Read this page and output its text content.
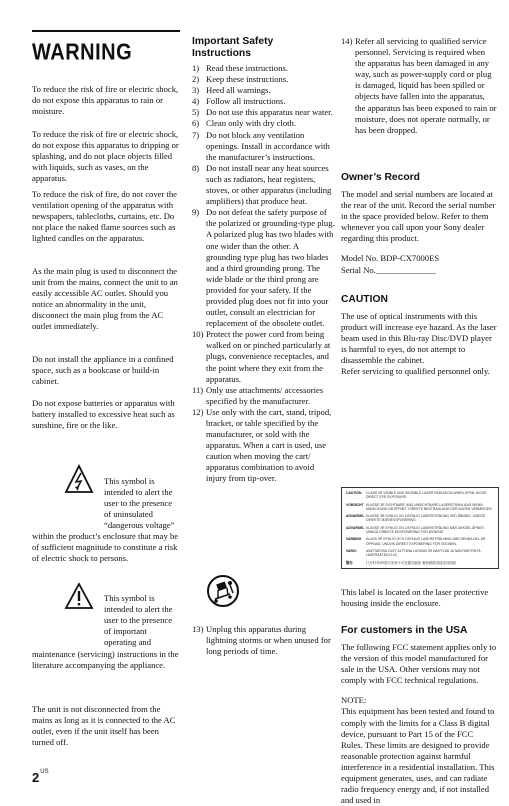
WARNING

To reduce the risk of fire or electric shock, do not expose this apparatus to rain or moisture.

To reduce the risk of fire or electric shock, do not expose this apparatus to dripping or splashing, and do not place objects filled with liquids, such as vases, on the apparatus.

To reduce the risk of fire, do not cover the ventilation opening of the apparatus with newspapers, tablecloths, curtains, etc. Do not place the naked flame sources such as lighted candles on the apparatus.

As the main plug is used to disconnect the unit from the mains, connect the unit to an easily accessible AC outlet. Should you notice an abnormality in the unit, disconnect the main plug from the AC outlet immediately.

Do not install the appliance in a confined space, such as a bookcase or build-in cabinet.

Do not expose batteries or apparatus with battery installed to excessive heat such as sunshine, fire or the like.

This symbol is intended to alert the user to the presence of uninsulated “dangerous voltage”

within the product’s enclosure that may be of sufficient magnitude to constitute a risk of electric shock to persons.

This symbol is intended to alert the user to the presence of important operating and

maintenance (servicing) instructions in the literature accompanying the appliance.

The unit is not disconnected from the mains as long as it is connected to the AC outlet, even if the unit itself has been turned off.

$2^{US}$
Important Safety
Instructions
1) Read these instructions.
2) Keep these instructions.
3) Heed all warnings.
4) Follow all instructions.
5) Do not use this apparatus near water.
6) Clean only with dry cloth.
7) Do not block any ventilation openings. Install in accordance with the manufacturer’s instructions.
8) Do not install near any heat sources such as radiators, heat registers, stoves, or other apparatus (including amplifiers) that produce heat.
9) Do not defeat the safety purpose of the polarized or grounding-type plug. A polarized plug has two blades with one wider than the other. A grounding type plug has two blades and a third grounding prong. The wide blade or the third prong are provided for your safety. If the provided plug does not fit into your outlet, consult an electrician for replacement of the obsolete outlet.
10) Protect the power cord from being walked on or pinched particularly at plugs, convenience receptacles, and the point where they exit from the apparatus.
11) Only use attachments/ accessories specified by the manufacturer.
12) Use only with the cart, stand, tripod, bracket, or table specified by the manufacturer, or sold with the apparatus. When a cart is used, use caution when moving the cart/ apparatus combination to avoid injury from tip-over.
13) Unplug this apparatus during lightning storms or when unused for long periods of time.
14) Refer all servicing to qualified service personnel. Servicing is required when the apparatus has been damaged in any way, such as power-supply cord or plug is damaged, liquid has been spilled or objects have fallen into the apparatus, the apparatus has been exposed to rain or moisture, does not operate normally, or has been dropped.
Owner’s Record

The model and serial numbers are located at the rear of the unit. Record the serial number in the space provided below. Refer to them whenever you call upon your Sony dealer regarding this product.

Model No. BDP-CX7000ES

Serial No.______________

CAUTION

The use of optical instruments with this product will increase eye hazard. As the laser beam used in this Blu-ray Disc/DVD player is harmful to eyes, do not attempt to disassemble the cabinet.

Refer servicing to qualified personnel only.

CAUTION	CLASS 3R VISIBLE AND INVISIBLE LASER RADIATION WHEN OPEN. AVOID DIRECT EYE EXPOSURE.
VORSICHT KLASSE 3R SICHTBARE UND UNSICHTBARE LASERSTRAHLUNG WENN ABDECKUNG GEÖFFNET. DIREKTE BESTRAHLUNG DER AUGEN VERMEIDEN.
ADVARSEL KLASSE 3R SYNLIG OG USYNLIG LASERSTRÅLING VED ÅBNING. UNDGÅ DIREKTE ØJENEKSPONERING.
ADVARSEL KLASSE 3R SYNLIG OG USYNLIG LASERSTRÅLING NÅR DEKSEL ÅPNES. UNNGÅ DIREKTE EKSPONERING FOR ØYNENE.
VARNING	KLASS 3R SYNLIG OCH OSYNLIG LASERSTRÅLNING NÄR DENNA DEL ÄR ÖPPNAD. UNDVIK DIREKT EXPONERING FÖR ÖGONEN.
VARO!	AVATTAESSA OLET ALTTIINA LUOKAN 3R NÄKYVÄÄ JA NÄKYMÄTÖNTÄ LASERSÄTEILYLLE.
警告	打开时有3R类可见和不可见激光辐射 避免眼睛直接受到照射

This label is located on the laser protective housing inside the enclosure.

For customers in the USA

The following FCC statement applies only to the version of this model manufactured for sale in the USA. Other versions may not comply with FCC technical regulations.

NOTE:

This equipment has been tested and found to comply with the limits for a Class B digital device, pursuant to Part 15 of the FCC Rules. These limits are designed to provide reasonable protection against harmful interference in a residential installation. This equipment generates, uses, and can radiate radio frequency energy and, if not installed and used in
